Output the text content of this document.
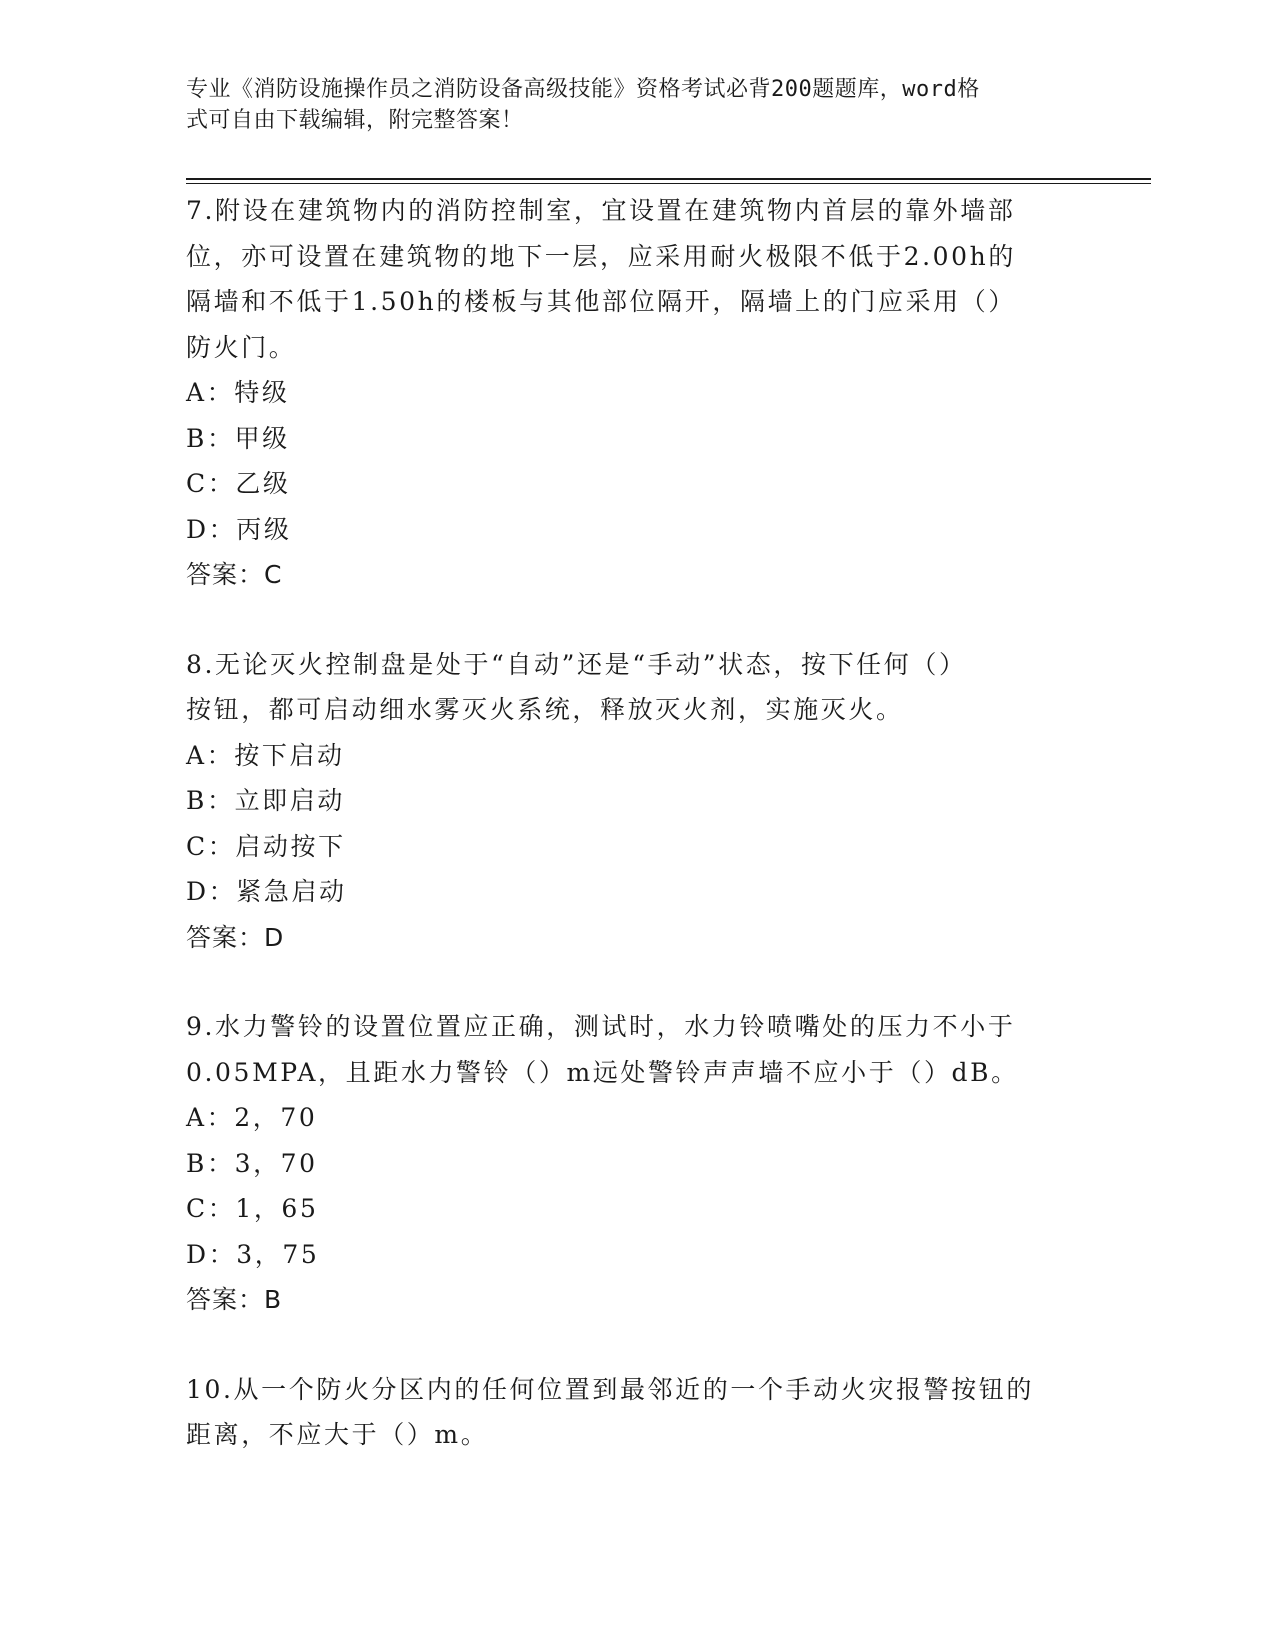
专业《消防设施操作员之消防设备高级技能》资格考试必背200题题库，word格
式可自由下载编辑，附完整答案！
7.附设在建筑物内的消防控制室，宜设置在建筑物内首层的靠外墙部
位，亦可设置在建筑物的地下一层，应采用耐火极限不低于2.00h的
隔墙和不低于1.50h的楼板与其他部位隔开，隔墙上的门应采用（）
防火门。
A：特级
B：甲级
C：乙级
D：丙级
答案：C
8.无论灭火控制盘是处于“自动”还是“手动”状态，按下任何（）
按钮，都可启动细水雾灭火系统，释放灭火剂，实施灭火。
A：按下启动
B：立即启动
C：启动按下
D：紧急启动
答案：D
9.水力警铃的设置位置应正确，测试时，水力铃喷嘴处的压力不小于
0.05MPA，且距水力警铃（）m远处警铃声声墙不应小于（）dB。
A：2，70
B：3，70
C：1，65
D：3，75
答案：B
10.从一个防火分区内的任何位置到最邻近的一个手动火灾报警按钮的
距离，不应大于（）m。
